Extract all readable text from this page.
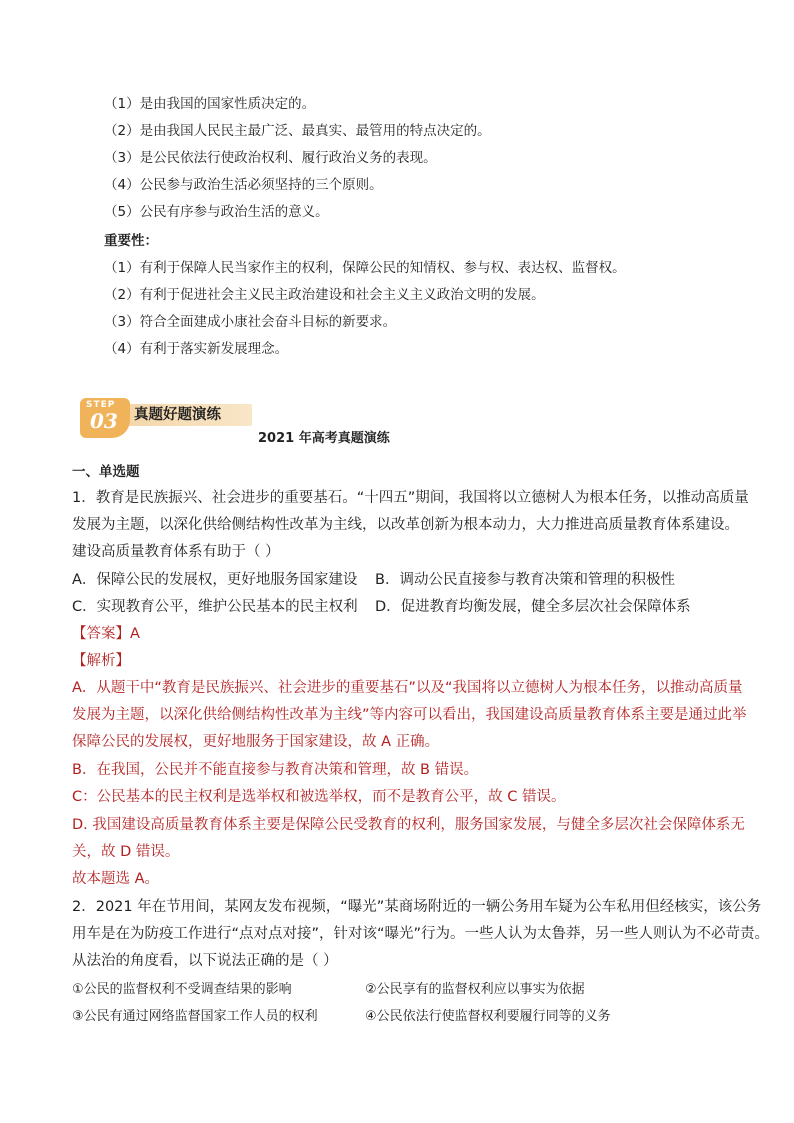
（1）是由我国的国家性质决定的。
（2）是由我国人民民主最广泛、最真实、最管用的特点决定的。
（3）是公民依法行使政治权利、履行政治义务的表现。
（4）公民参与政治生活必须坚持的三个原则。
（5）公民有序参与政治生活的意义。
重要性：
（1）有利于保障人民当家作主的权利，保障公民的知情权、参与权、表达权、监督权。
（2）有利于促进社会主义民主政治建设和社会主义主义政治文明的发展。
（3）符合全面建成小康社会奋斗目标的新要求。
（4）有利于落实新发展理念。
STEP
03 真题好题演练
2021 年高考真题演练
一、单选题
1．教育是民族振兴、社会进步的重要基石。“十四五”期间，我国将以立德树人为根本任务，以推动高质量
发展为主题，以深化供给侧结构性改革为主线，以改革创新为根本动力，大力推进高质量教育体系建设。
建设高质量教育体系有助于（ ）
A．保障公民的发展权，更好地服务国家建设 B．调动公民直接参与教育决策和管理的积极性
C．实现教育公平，维护公民基本的民主权利 D．促进教育均衡发展，健全多层次社会保障体系
【答案】A
【解析】
A．从题干中“教育是民族振兴、社会进步的重要基石”以及“我国将以立德树人为根本任务，以推动高质量
发展为主题，以深化供给侧结构性改革为主线”等内容可以看出，我国建设高质量教育体系主要是通过此举
保障公民的发展权，更好地服务于国家建设，故 A 正确。
B．在我国，公民并不能直接参与教育决策和管理，故 B 错误。
C：公民基本的民主权利是选举权和被选举权，而不是教育公平，故 C 错误。
D. 我国建设高质量教育体系主要是保障公民受教育的权利，服务国家发展，与健全多层次社会保障体系无
关，故 D 错误。
故本题选 A。
2．2021 年在节用间，某网友发布视频，“曝光”某商场附近的一辆公务用车疑为公车私用但经核实，该公务
用车是在为防疫工作进行“点对点对接”，针对该“曝光”行为。一些人认为太鲁莽，另一些人则认为不必苛责。
从法治的角度看，以下说法正确的是（ ）
①公民的监督权利不受调查结果的影响	②公民享有的监督权利应以事实为依据
③公民有通过网络监督国家工作人员的权利	④公民依法行使监督权利要履行同等的义务
